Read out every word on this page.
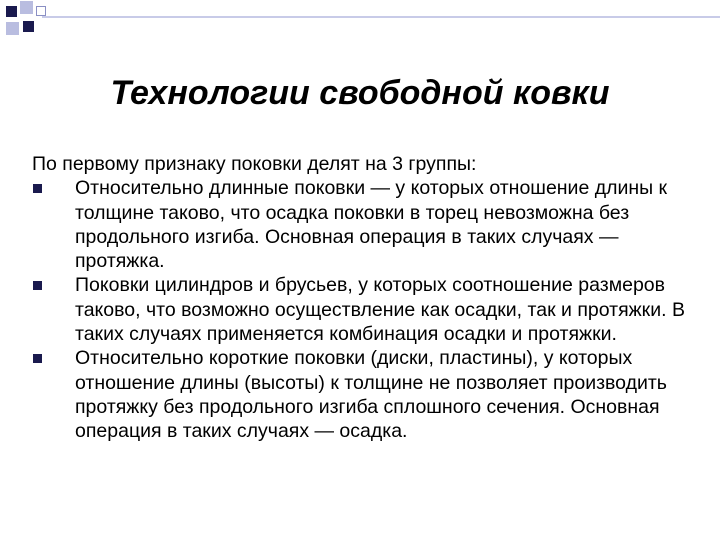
Технологии свободной ковки

По первому признаку поковки делят на 3 группы:

Относительно длинные поковки — у которых отношение длины к толщине таково, что осадка поковки в торец невозможна без продольного изгиба. Основная операция в таких случаях — протяжка.
Поковки цилиндров и брусьев, у которых соотношение размеров таково, что возможно осуществление как осадки, так и протяжки. В таких случаях применяется комбинация осадки и протяжки.
Относительно короткие поковки (диски, пластины), у которых отношение длины (высоты) к толщине не позволяет производить протяжку без продольного изгиба сплошного сечения. Основная операция в таких случаях — осадка.
